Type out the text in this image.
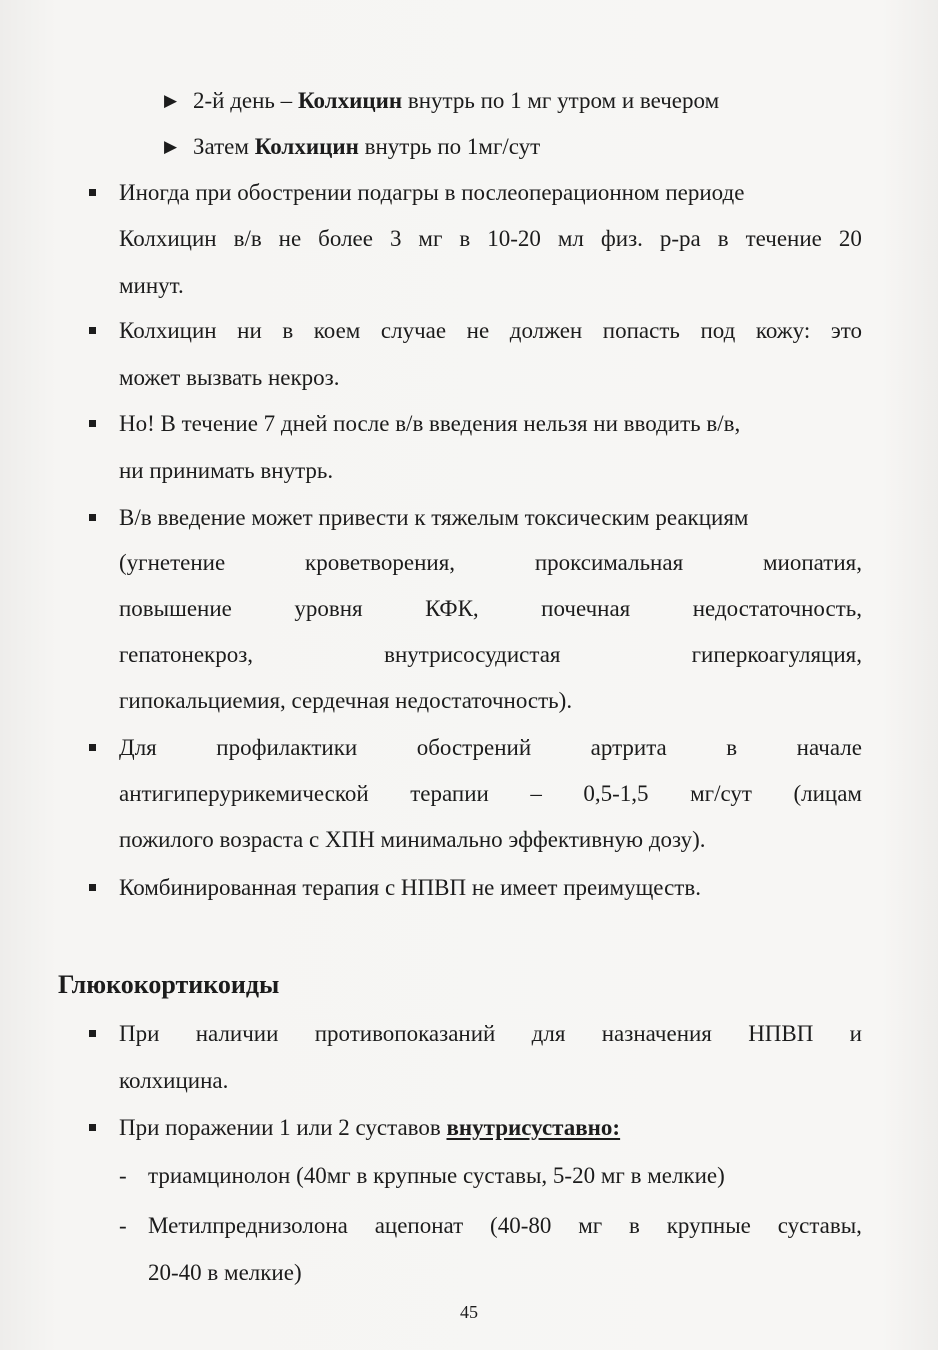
▶ 2-й день – Колхицин внутрь по 1 мг утром и вечером
▶ Затем Колхицин внутрь по 1мг/сут
Иногда при обострении подагры в послеоперационном периоде
Колхицин в/в не более 3 мг в 10-20 мл физ. р-ра в течение 20
минут.
Колхицин ни в коем случае не должен попасть под кожу: это
может вызвать некроз.
Но! В течение 7 дней после в/в введения нельзя ни вводить в/в,
ни принимать внутрь.
В/в введение может привести к тяжелым токсическим реакциям
(угнетение	кроветворения,	проксимальная	миопатия,
повышение	уровня	КФК,	почечная	недостаточность,
гепатонекроз,	внутрисосудистая	гиперкоагуляция,
гипокальциемия, сердечная недостаточность).
Для	профилактики	обострений	артрита	в	начале
антигиперурикемической терапии – 0,5-1,5 мг/сут (лицам
пожилого возраста с ХПН минимально эффективную дозу).
Комбинированная терапия с НПВП не имеет преимуществ.
Глюкокортикоиды
При наличии противопоказаний для назначения НПВП и
колхицина.
При поражении 1 или 2 суставов внутрисуставно:
- триамцинолон (40мг в крупные суставы, 5-20 мг в мелкие)
- Метилпреднизолона ацепонат (40-80 мг в крупные суставы,
20-40 в мелкие)
45
